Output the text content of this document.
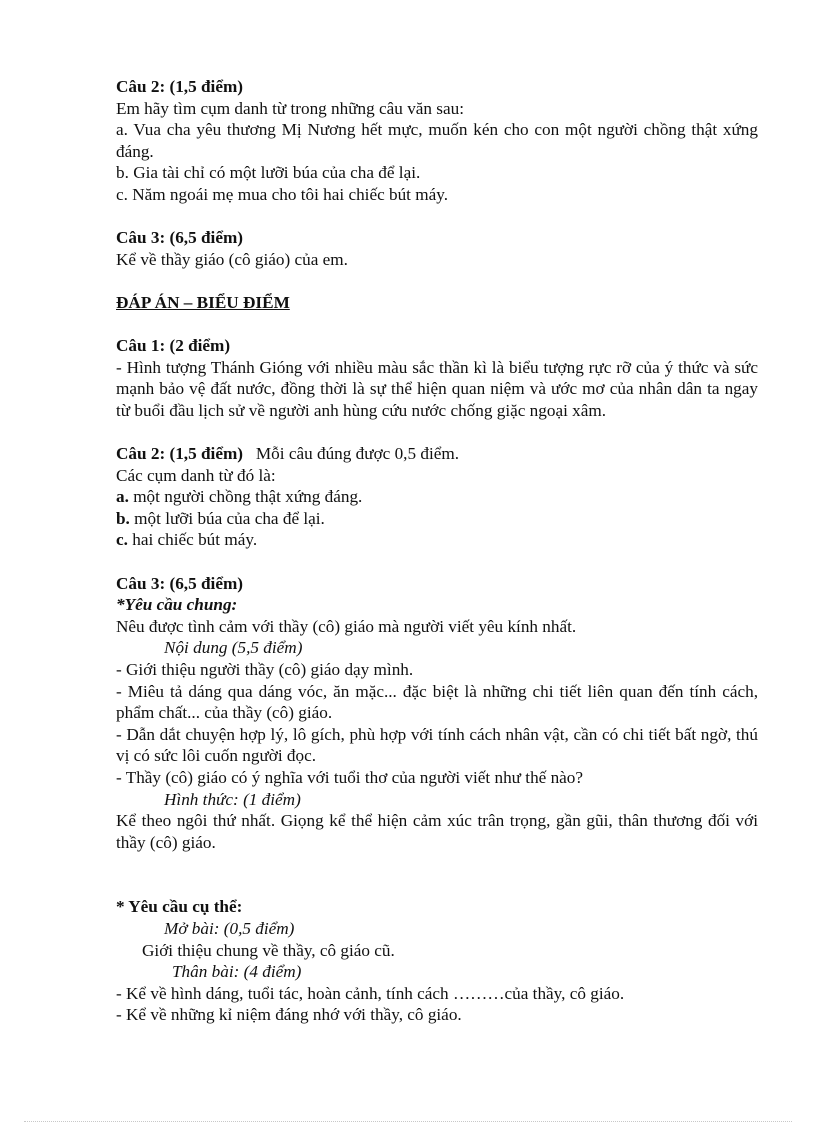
Câu 2: (1,5 điểm)
Em hãy tìm cụm danh từ trong những câu văn sau:
a. Vua cha yêu thương Mị Nương hết mực, muốn kén cho con một người chồng thật xứng đáng.
b. Gia tài chỉ có một lưỡi búa của cha để lại.
c. Năm ngoái mẹ mua cho tôi hai chiếc bút máy.
Câu 3: (6,5 điểm)
Kể về thầy giáo (cô giáo) của em.
ĐÁP ÁN – BIỂU ĐIỂM
Câu 1: (2 điểm)
- Hình tượng Thánh Gióng với nhiều màu sắc thần kì là biểu tượng rực rỡ của ý thức và sức mạnh bảo vệ đất nước, đồng thời là sự thể hiện quan niệm và ước mơ của nhân dân ta ngay từ buổi đầu lịch sử về người anh hùng cứu nước chống giặc ngoại xâm.
Câu 2: (1,5 điểm) Mỗi câu đúng được 0,5 điểm.
Các cụm danh từ đó là:
a. một người chồng thật xứng đáng.
b. một lưỡi búa của cha để lại.
c. hai chiếc bút máy.
Câu 3: (6,5 điểm)
*Yêu cầu chung:
Nêu được tình cảm với thầy (cô) giáo mà người viết yêu kính nhất.
Nội dung (5,5 điểm)
- Giới thiệu người thầy (cô) giáo dạy mình.
- Miêu tả dáng qua dáng vóc, ăn mặc... đặc biệt là những chi tiết liên quan đến tính cách, phẩm chất... của thầy (cô) giáo.
- Dẫn dắt chuyện hợp lý, lô gích, phù hợp với tính cách nhân vật, cần có chi tiết bất ngờ, thú vị có sức lôi cuốn người đọc.
- Thầy (cô) giáo có ý nghĩa với tuổi thơ của người viết như thế nào?
Hình thức: (1 điểm)
Kể theo ngôi thứ nhất. Giọng kể thể hiện cảm xúc trân trọng, gần gũi, thân thương đối với thầy (cô) giáo.
* Yêu cầu cụ thể:
Mở bài: (0,5 điểm)
Giới thiệu chung về thầy, cô giáo cũ.
Thân bài: (4 điểm)
- Kể về hình dáng, tuổi tác, hoàn cảnh, tính cách ………của thầy, cô giáo.
- Kể về những kỉ niệm đáng nhớ với thầy, cô giáo.
